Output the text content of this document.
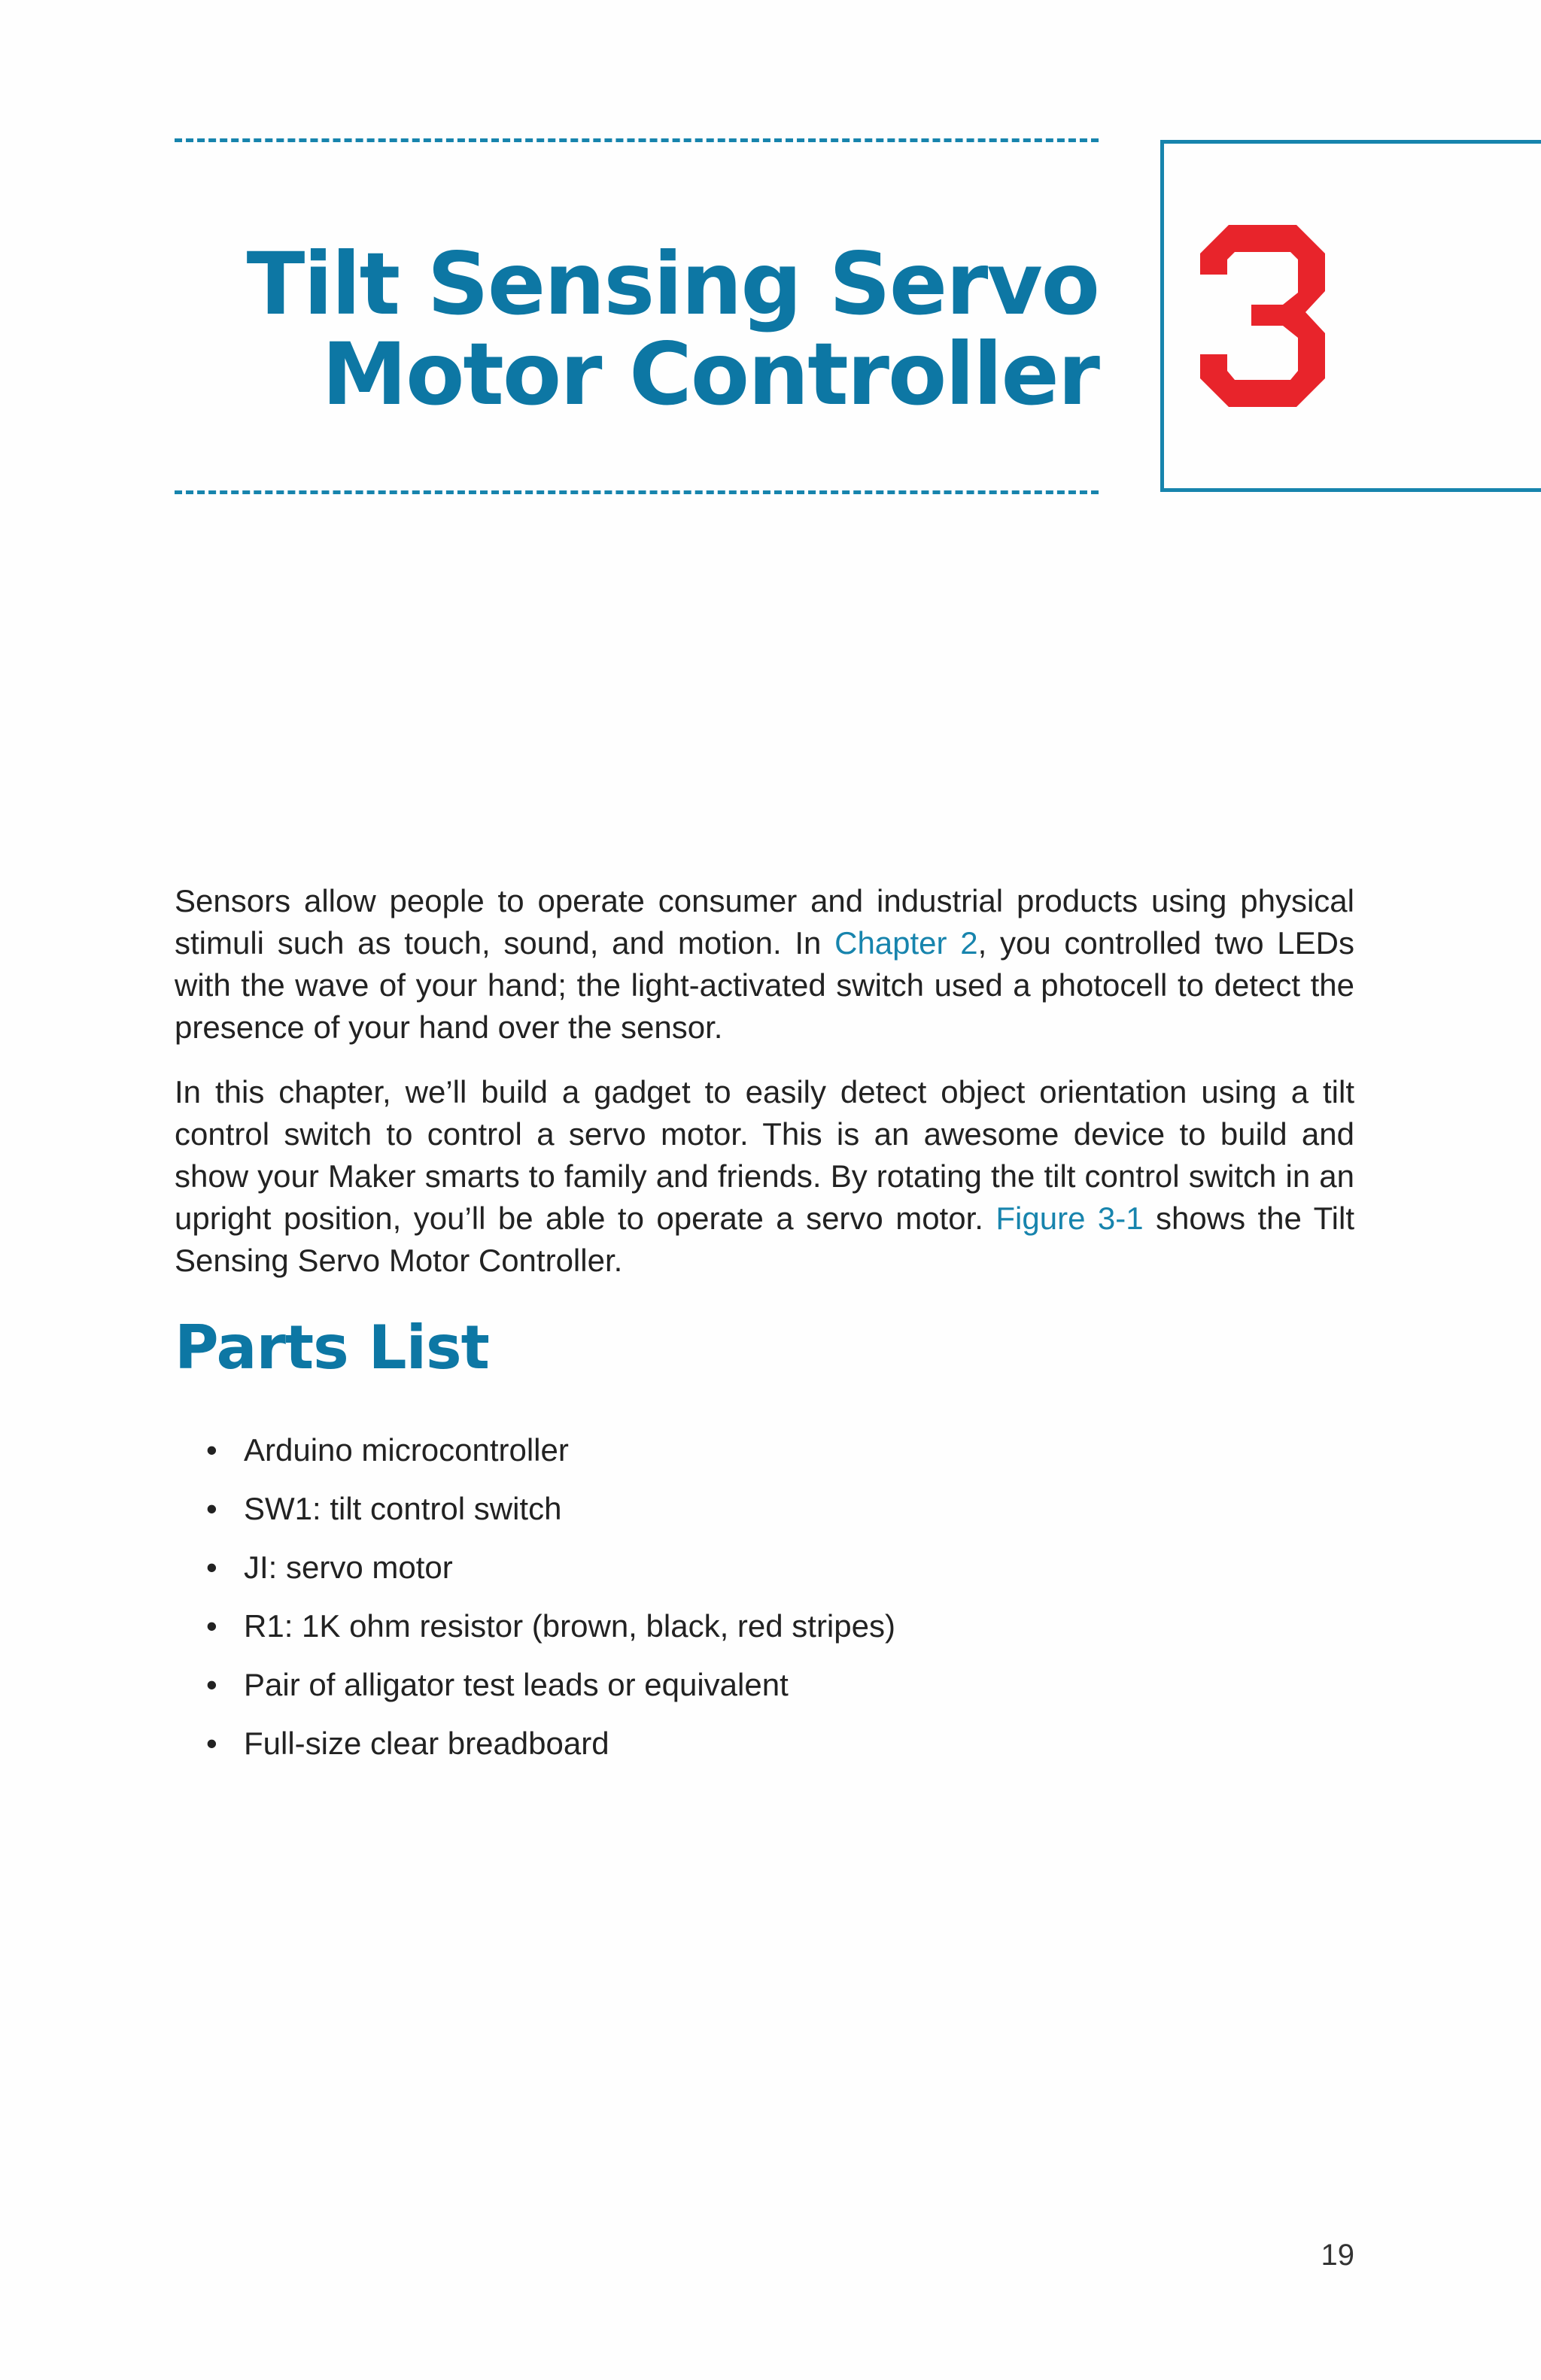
Tilt Sensing Servo
Motor Controller

Sensors allow people to operate consumer and industrial products using physical stimuli such as touch, sound, and motion. In Chapter 2, you controlled two LEDs with the wave of your hand; the light-activated switch used a photocell to detect the presence of your hand over the sensor.

In this chapter, we’ll build a gadget to easily detect object orientation using a tilt control switch to control a servo motor. This is an awesome device to build and show your Maker smarts to family and friends. By rotating the tilt control switch in an upright position, you’ll be able to operate a servo motor. Figure 3-1 shows the Tilt Sensing Servo Motor Controller.

Parts List
• Arduino microcontroller
• SW1: tilt control switch
• JI: servo motor
• R1: 1K ohm resistor (brown, black, red stripes)
• Pair of alligator test leads or equivalent
• Full-size clear breadboard
19
